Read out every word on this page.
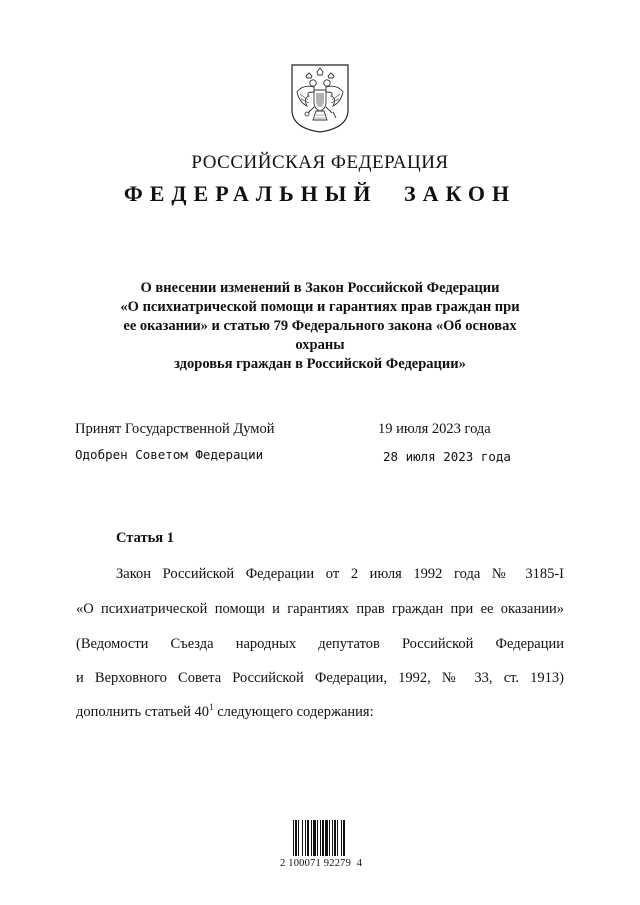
РОССИЙСКАЯ ФЕДЕРАЦИЯ
ФЕДЕРАЛЬНЫЙ ЗАКОН
О внесении изменений в Закон Российской Федерации
«О психиатрической помощи и гарантиях прав граждан при
ее оказании» и статью 79 Федерального закона «Об основах охраны
здоровья граждан в Российской Федерации»
Принят Государственной Думой	19 июля 2023 года
Одобрен Советом Федерации	28 июля 2023 года
Статья 1
Закон Российской Федерации от 2 июля 1992 года № 3185-I
«О психиатрической помощи и гарантиях прав граждан при ее оказании»
(Ведомости Съезда народных депутатов Российской Федерации
и Верховного Совета Российской Федерации, 1992, № 33, ст. 1913)
дополнить статьей $40^1$ следующего содержания:
2 100071 92279  4
